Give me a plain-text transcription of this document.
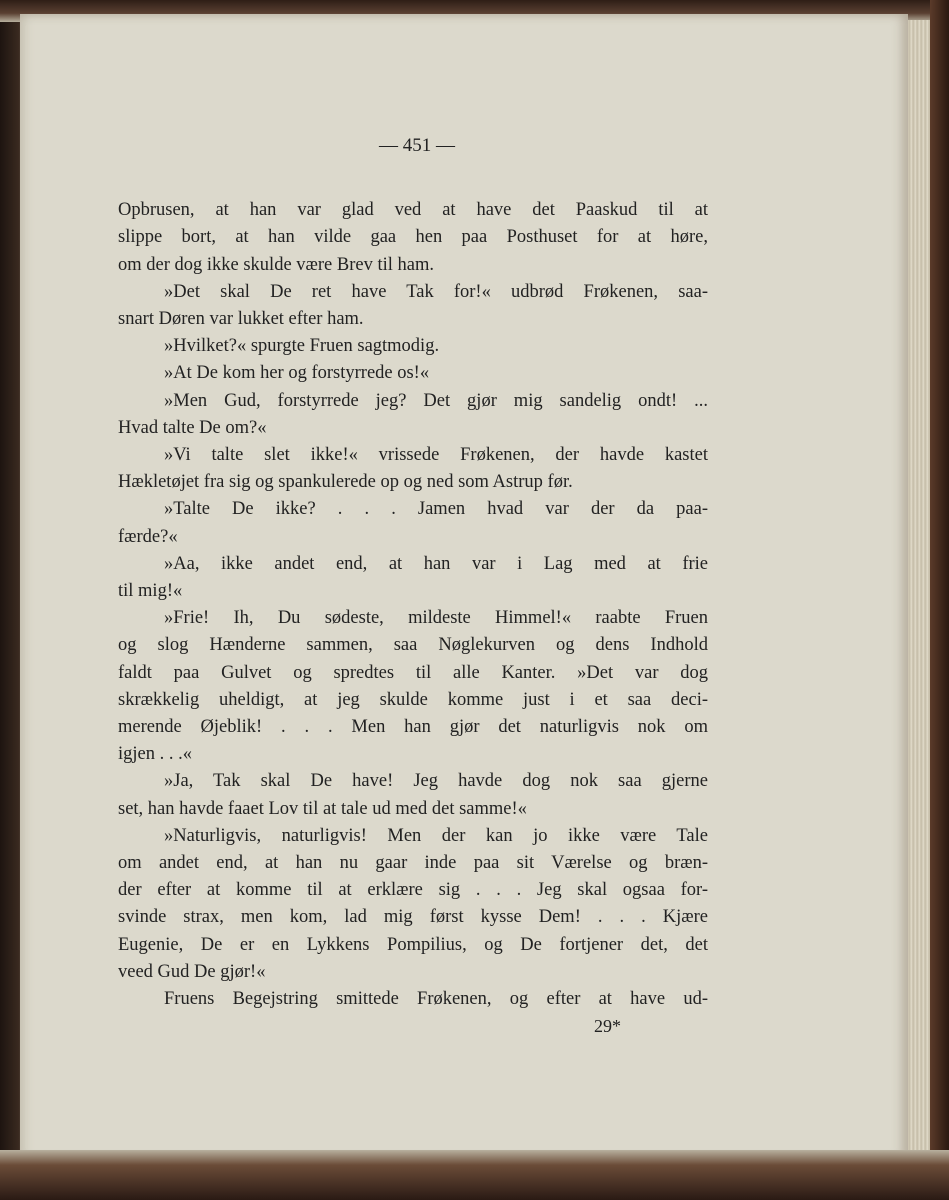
— 451 —
Opbrusen, at han var glad ved at have det Paaskud til at
slippe bort, at han vilde gaa hen paa Posthuset for at høre,
om der dog ikke skulde være Brev til ham.
»Det skal De ret have Tak for!« udbrød Frøkenen, saa-
snart Døren var lukket efter ham.
»Hvilket?« spurgte Fruen sagtmodig.
»At De kom her og forstyrrede os!«
»Men Gud, forstyrrede jeg? Det gjør mig sandelig ondt! ...
Hvad talte De om?«
»Vi talte slet ikke!« vrissede Frøkenen, der havde kastet
Hækletøjet fra sig og spankulerede op og ned som Astrup før.
»Talte De ikke? . . . Jamen hvad var der da paa-
færde?«
»Aa, ikke andet end, at han var i Lag med at frie
til mig!«
»Frie! Ih, Du sødeste, mildeste Himmel!« raabte Fruen
og slog Hænderne sammen, saa Nøglekurven og dens Indhold
faldt paa Gulvet og spredtes til alle Kanter. »Det var dog
skrækkelig uheldigt, at jeg skulde komme just i et saa deci-
merende Øjeblik! . . . Men han gjør det naturligvis nok om
igjen . . .«
»Ja, Tak skal De have! Jeg havde dog nok saa gjerne
set, han havde faaet Lov til at tale ud med det samme!«
»Naturligvis, naturligvis! Men der kan jo ikke være Tale
om andet end, at han nu gaar inde paa sit Værelse og bræn-
der efter at komme til at erklære sig . . . Jeg skal ogsaa for-
svinde strax, men kom, lad mig først kysse Dem! . . . Kjære
Eugenie, De er en Lykkens Pompilius, og De fortjener det, det
veed Gud De gjør!«
Fruens Begejstring smittede Frøkenen, og efter at have ud-
29*
